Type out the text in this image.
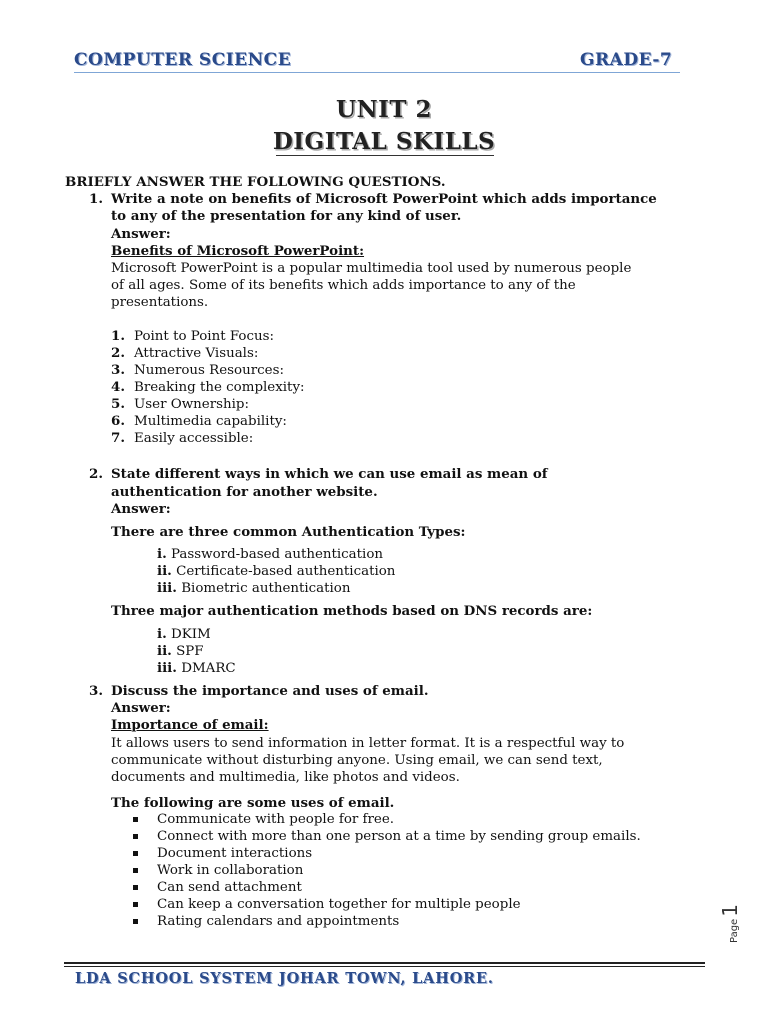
COMPUTER SCIENCE	GRADE-7
UNIT 2
DIGITAL SKILLS
BRIEFLY ANSWER THE FOLLOWING QUESTIONS.
1. Write a note on benefits of Microsoft PowerPoint which adds importance
to any of the presentation for any kind of user.
Answer:
Benefits of Microsoft PowerPoint:
Microsoft PowerPoint is a popular multimedia tool used by numerous people
of all ages. Some of its benefits which adds importance to any of the
presentations.
1. Point to Point Focus:
2. Attractive Visuals:
3. Numerous Resources:
4. Breaking the complexity:
5. User Ownership:
6. Multimedia capability:
7. Easily accessible:
2. State different ways in which we can use email as mean of
authentication for another website.
Answer:
There are three common Authentication Types:
i. Password-based authentication
ii. Certificate-based authentication
iii. Biometric authentication
Three major authentication methods based on DNS records are:
i. DKIM
ii. SPF
iii. DMARC
3. Discuss the importance and uses of email.
Answer:
Importance of email:
It allows users to send information in letter format. It is a respectful way to
communicate without disturbing anyone. Using email, we can send text,
documents and multimedia, like photos and videos.
The following are some uses of email.
Communicate with people for free.
Connect with more than one person at a time by sending group emails.
Document interactions
Work in collaboration
Can send attachment
Can keep a conversation together for multiple people
Rating calendars and appointments	Page1
LDA SCHOOL SYSTEM JOHAR TOWN, LAHORE.
